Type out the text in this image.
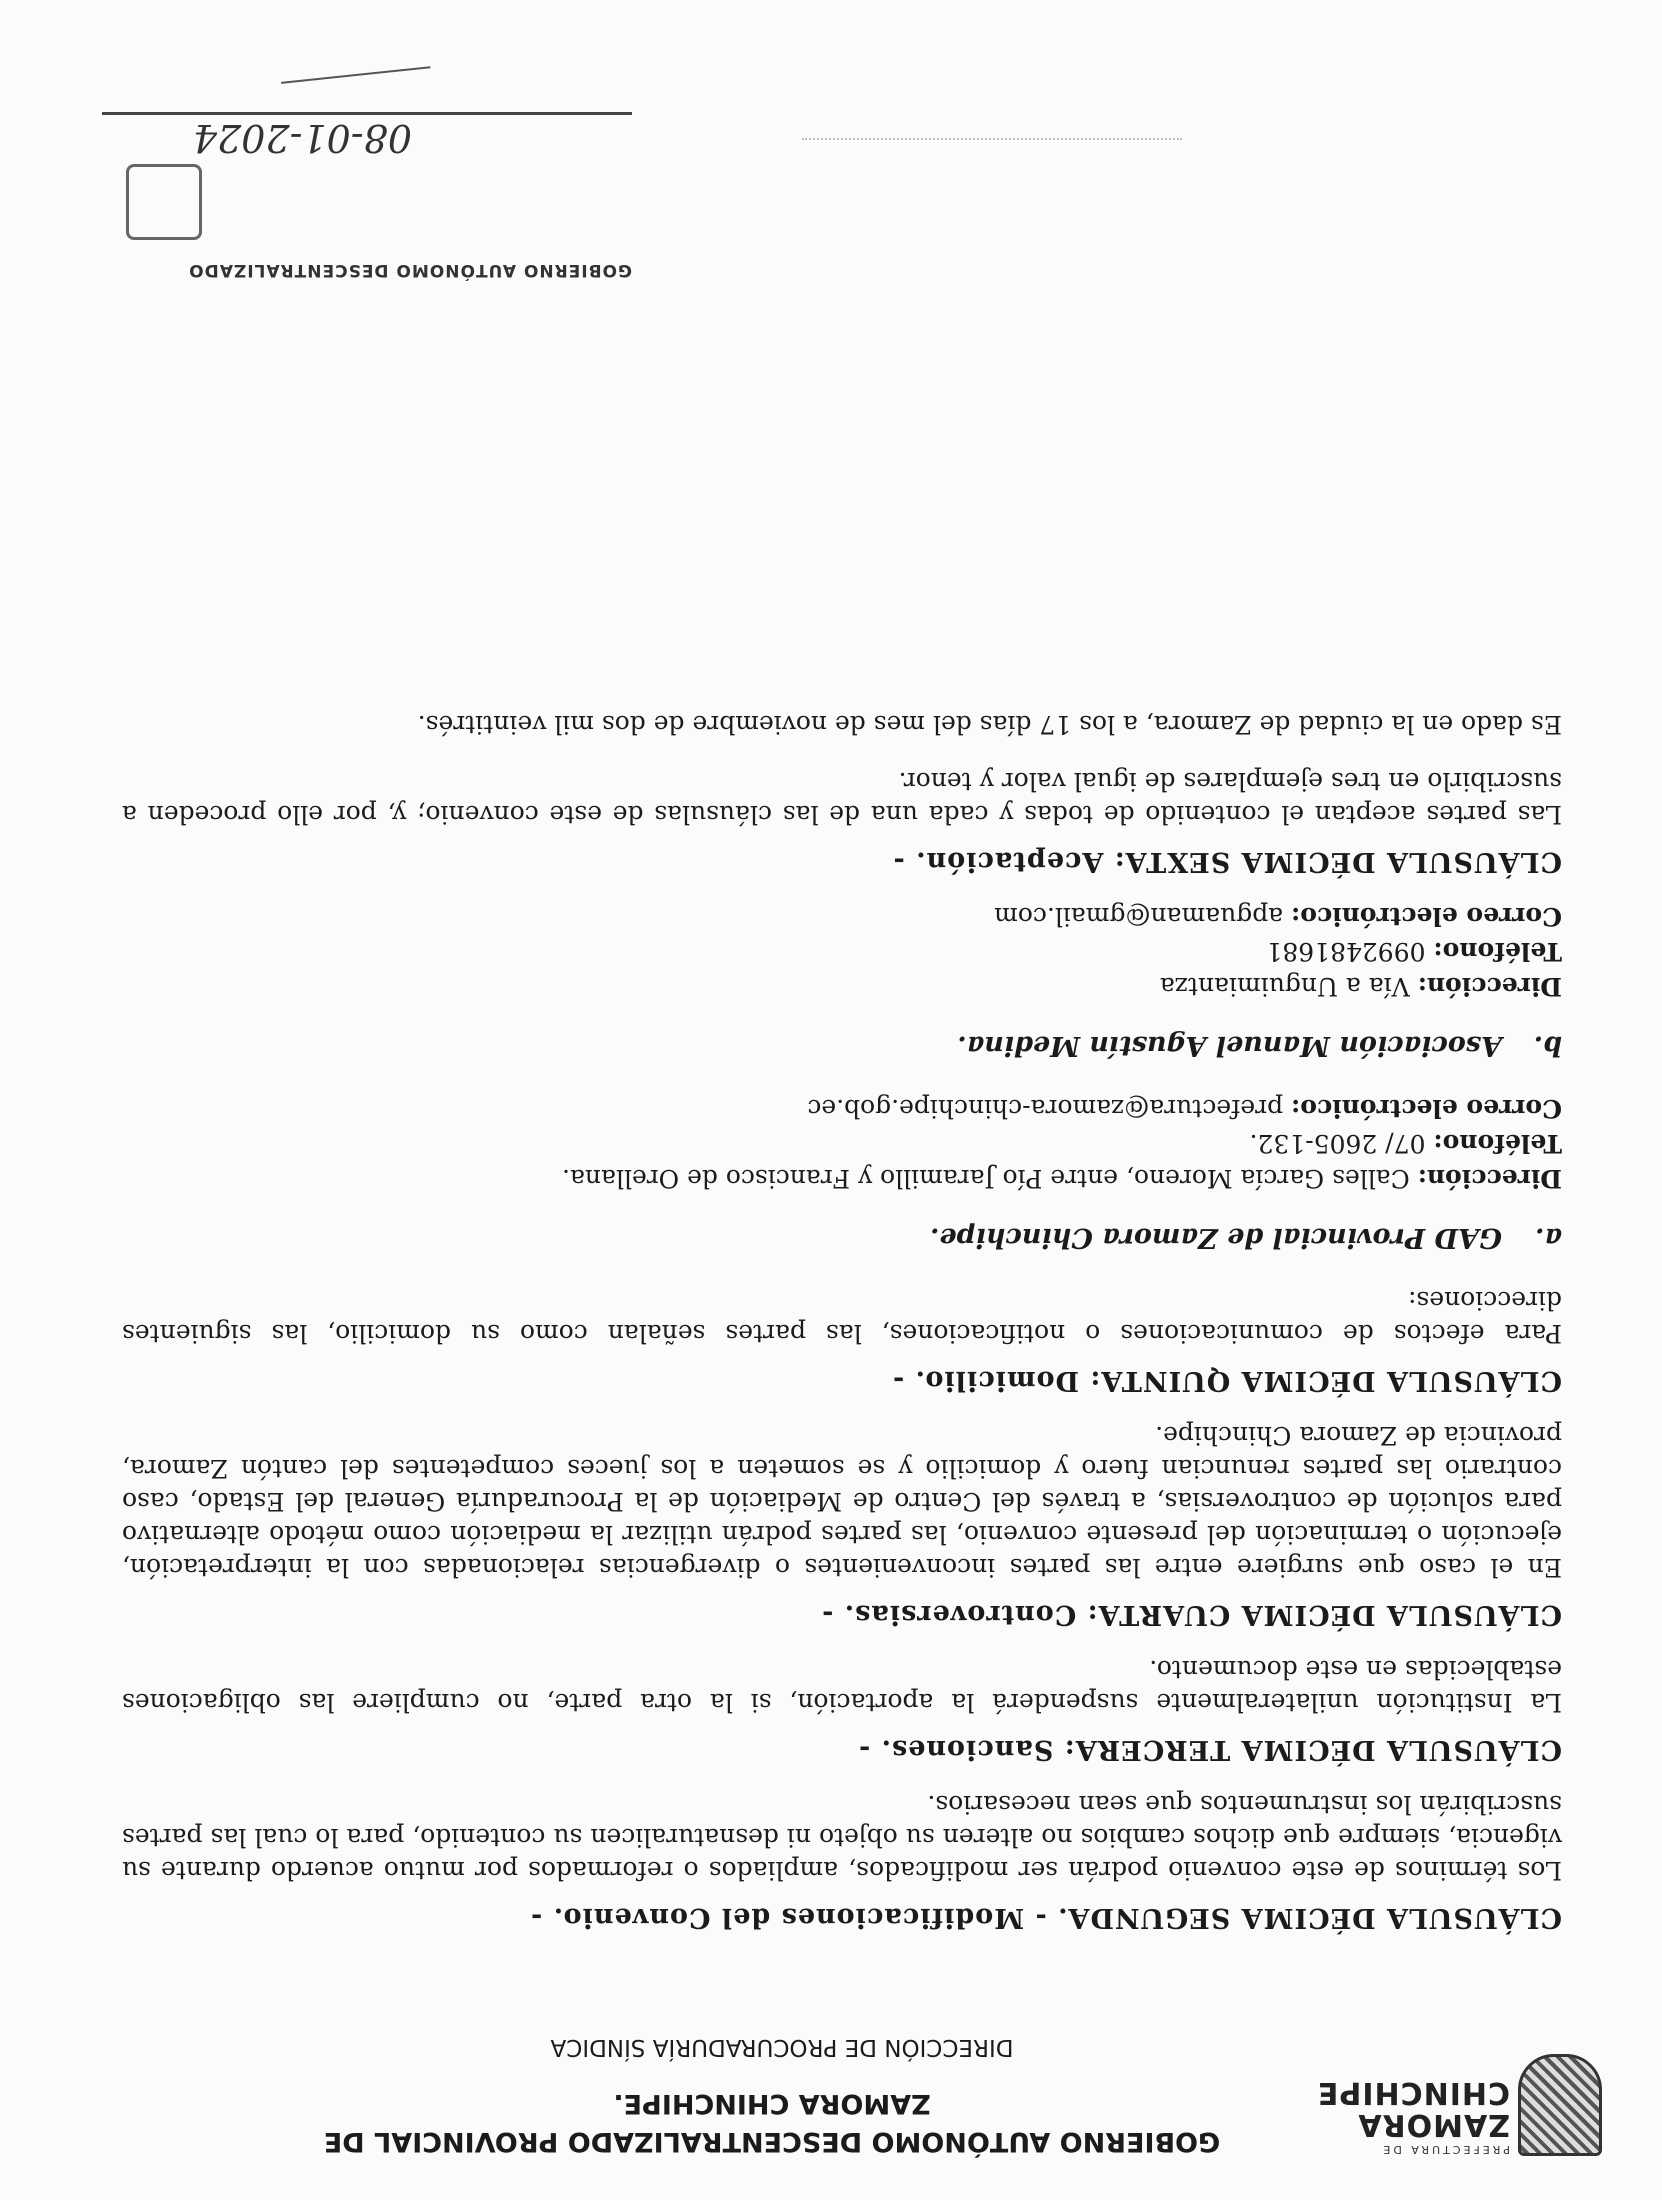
PREFECTURA DE
ZAMORA
CHINCHIPE
GOBIERNO AUTÓNOMO DESCENTRALIZADO PROVINCIAL DE ZAMORA CHINCHIPE.
DIRECCIÓN DE PROCURADURÍA SÍNDICA
CLÁUSULA DÉCIMA SEGUNDA. - Modificaciones del Convenio. -

Los términos de este convenio podrán ser modificados, ampliados o reformados por mutuo acuerdo durante su vigencia, siempre que dichos cambios no alteren su objeto ni desnaturalicen su contenido, para lo cual las partes suscribirán los instrumentos que sean necesarios.

CLÁUSULA DÉCIMA TERCERA: Sanciones. -

La Institución unilateralmente suspenderá la aportación, si la otra parte, no cumpliere las obligaciones establecidas en este documento.

CLÁUSULA DÉCIMA CUARTA: Controversias. -

En el caso que surgiere entre las partes inconvenientes o divergencias relacionadas con la interpretación, ejecución o terminación del presente convenio, las partes podrán utilizar la mediación como método alternativo para solución de controversias, a través del Centro de Mediación de la Procuraduría General del Estado, caso contrario las partes renuncian fuero y domicilio y se someten a los jueces competentes del cantón Zamora, provincia de Zamora Chinchipe.

CLÁUSULA DÉCIMA QUINTA: Domicilio. -

Para efectos de comunicaciones o notificaciones, las partes señalan como su domicilio, las siguientes direcciones:

a.GAD Provincial de Zamora Chinchipe.
Dirección: Calles García Moreno, entre Pío Jaramillo y Francisco de Orellana.
Teléfono: 07/ 2605-132.
Correo electrónico: prefectura@zamora-chinchipe.gob.ec
b.Asociación Manuel Agustín Medina.
Dirección: Vía a Unguimiantza
Teléfono: 0992481681
Correo electrónico: apguaman@gmail.com
CLÁUSULA DÉCIMA SEXTA: Aceptación. -

Las partes aceptan el contenido de todas y cada una de las cláusulas de este convenio; y, por ello proceden a suscribirlo en tres ejemplares de igual valor y tenor.

Es dado en la ciudad de Zamora, a los 17 días del mes de noviembre de dos mil veintitrés.

GOBIERNO AUTÓNOMO DESCENTRALIZADO
08-01-2024
